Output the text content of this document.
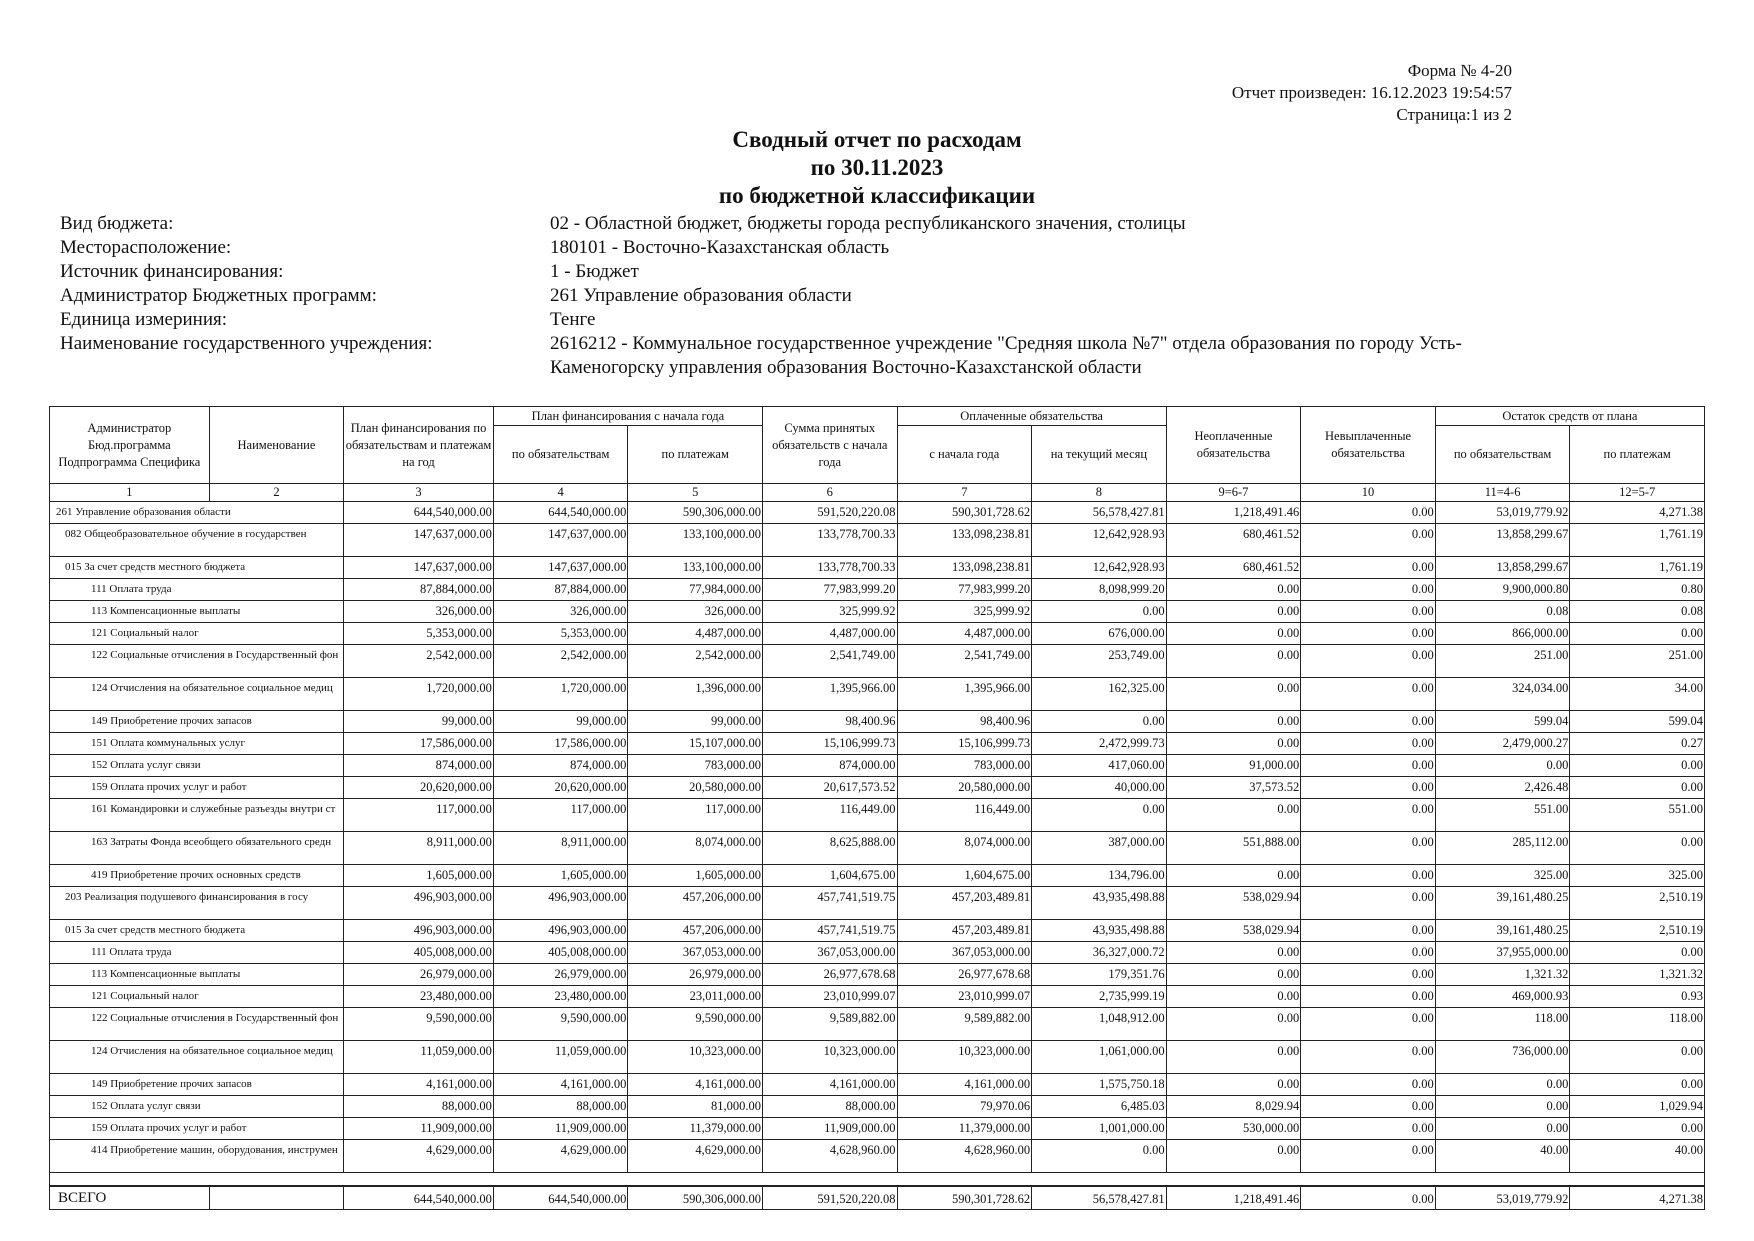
Форма № 4-20
Отчет произведен: 16.12.2023 19:54:57
Страница:1 из 2
Сводный отчет по расходам
по 30.11.2023
по бюджетной классификации
Вид бюджета:	02 - Областной бюджет, бюджеты города республиканского значения, столицы
Месторасположение:	180101 - Восточно-Казахстанская область
Источник финансирования:	1 - Бюджет
Администратор Бюджетных программ:	261 Управление образования области
Единица измериния:	Тенге
Наименование государственного учреждения:	2616212 - Коммунальное государственное учреждение "Средняя школа №7" отдела образования по городу Усть-Каменогорску управления образования Восточно-Казахстанской области
Администратор Бюд.программа Подпрограмма Специфика	Наименование	План финансирования по обязательствам и платежам на год	План финансирования с начала года		Сумма принятых обязательств с начала года	Оплаченные обязательства		Неоплаченные обязательства	Невыплаченные обязательства	Остаток средств от плана	
			по обязательствам	по платежам		с начала года	на текущий месяц			по обязательствам	по платежам
1	2	3	4	5	6	7	8	9=6-7	10	11=4-6	12=5-7
261 Управление образования области		644,540,000.00	644,540,000.00	590,306,000.00	591,520,220.08	590,301,728.62	56,578,427.81	1,218,491.46	0.00	53,019,779.92	4,271.38
082 Общеобразовательное обучение в государствен		147,637,000.00	147,637,000.00	133,100,000.00	133,778,700.33	133,098,238.81	12,642,928.93	680,461.52	0.00	13,858,299.67	1,761.19
015 За счет средств местного бюджета		147,637,000.00	147,637,000.00	133,100,000.00	133,778,700.33	133,098,238.81	12,642,928.93	680,461.52	0.00	13,858,299.67	1,761.19
111 Оплата труда		87,884,000.00	87,884,000.00	77,984,000.00	77,983,999.20	77,983,999.20	8,098,999.20	0.00	0.00	9,900,000.80	0.80
113 Компенсационные выплаты		326,000.00	326,000.00	326,000.00	325,999.92	325,999.92	0.00	0.00	0.00	0.08	0.08
121 Социальный налог		5,353,000.00	5,353,000.00	4,487,000.00	4,487,000.00	4,487,000.00	676,000.00	0.00	0.00	866,000.00	0.00
122 Социальные отчисления в Государственный фон		2,542,000.00	2,542,000.00	2,542,000.00	2,541,749.00	2,541,749.00	253,749.00	0.00	0.00	251.00	251.00
124 Отчисления на обязательное социальное медиц		1,720,000.00	1,720,000.00	1,396,000.00	1,395,966.00	1,395,966.00	162,325.00	0.00	0.00	324,034.00	34.00
149 Приобретение прочих запасов		99,000.00	99,000.00	99,000.00	98,400.96	98,400.96	0.00	0.00	0.00	599.04	599.04
151 Оплата коммунальных услуг		17,586,000.00	17,586,000.00	15,107,000.00	15,106,999.73	15,106,999.73	2,472,999.73	0.00	0.00	2,479,000.27	0.27
152 Оплата услуг связи		874,000.00	874,000.00	783,000.00	874,000.00	783,000.00	417,060.00	91,000.00	0.00	0.00	0.00
159 Оплата прочих услуг и работ		20,620,000.00	20,620,000.00	20,580,000.00	20,617,573.52	20,580,000.00	40,000.00	37,573.52	0.00	2,426.48	0.00
161 Командировки и служебные разъезды внутри ст		117,000.00	117,000.00	117,000.00	116,449.00	116,449.00	0.00	0.00	0.00	551.00	551.00
163 Затраты Фонда всеобщего обязательного средн		8,911,000.00	8,911,000.00	8,074,000.00	8,625,888.00	8,074,000.00	387,000.00	551,888.00	0.00	285,112.00	0.00
419 Приобретение прочих основных средств		1,605,000.00	1,605,000.00	1,605,000.00	1,604,675.00	1,604,675.00	134,796.00	0.00	0.00	325.00	325.00
203 Реализация подушевого финансирования в госу		496,903,000.00	496,903,000.00	457,206,000.00	457,741,519.75	457,203,489.81	43,935,498.88	538,029.94	0.00	39,161,480.25	2,510.19
015 За счет средств местного бюджета		496,903,000.00	496,903,000.00	457,206,000.00	457,741,519.75	457,203,489.81	43,935,498.88	538,029.94	0.00	39,161,480.25	2,510.19
111 Оплата труда		405,008,000.00	405,008,000.00	367,053,000.00	367,053,000.00	367,053,000.00	36,327,000.72	0.00	0.00	37,955,000.00	0.00
113 Компенсационные выплаты		26,979,000.00	26,979,000.00	26,979,000.00	26,977,678.68	26,977,678.68	179,351.76	0.00	0.00	1,321.32	1,321.32
121 Социальный налог		23,480,000.00	23,480,000.00	23,011,000.00	23,010,999.07	23,010,999.07	2,735,999.19	0.00	0.00	469,000.93	0.93
122 Социальные отчисления в Государственный фон		9,590,000.00	9,590,000.00	9,590,000.00	9,589,882.00	9,589,882.00	1,048,912.00	0.00	0.00	118.00	118.00
124 Отчисления на обязательное социальное медиц		11,059,000.00	11,059,000.00	10,323,000.00	10,323,000.00	10,323,000.00	1,061,000.00	0.00	0.00	736,000.00	0.00
149 Приобретение прочих запасов		4,161,000.00	4,161,000.00	4,161,000.00	4,161,000.00	4,161,000.00	1,575,750.18	0.00	0.00	0.00	0.00
152 Оплата услуг связи		88,000.00	88,000.00	81,000.00	88,000.00	79,970.06	6,485.03	8,029.94	0.00	0.00	1,029.94
159 Оплата прочих услуг и работ		11,909,000.00	11,909,000.00	11,379,000.00	11,909,000.00	11,379,000.00	1,001,000.00	530,000.00	0.00	0.00	0.00
414 Приобретение машин, оборудования, инструмен		4,629,000.00	4,629,000.00	4,629,000.00	4,628,960.00	4,628,960.00	0.00	0.00	0.00	40.00	40.00

ВСЕГО		644,540,000.00	644,540,000.00	590,306,000.00	591,520,220.08	590,301,728.62	56,578,427.81	1,218,491.46	0.00	53,019,779.92	4,271.38
